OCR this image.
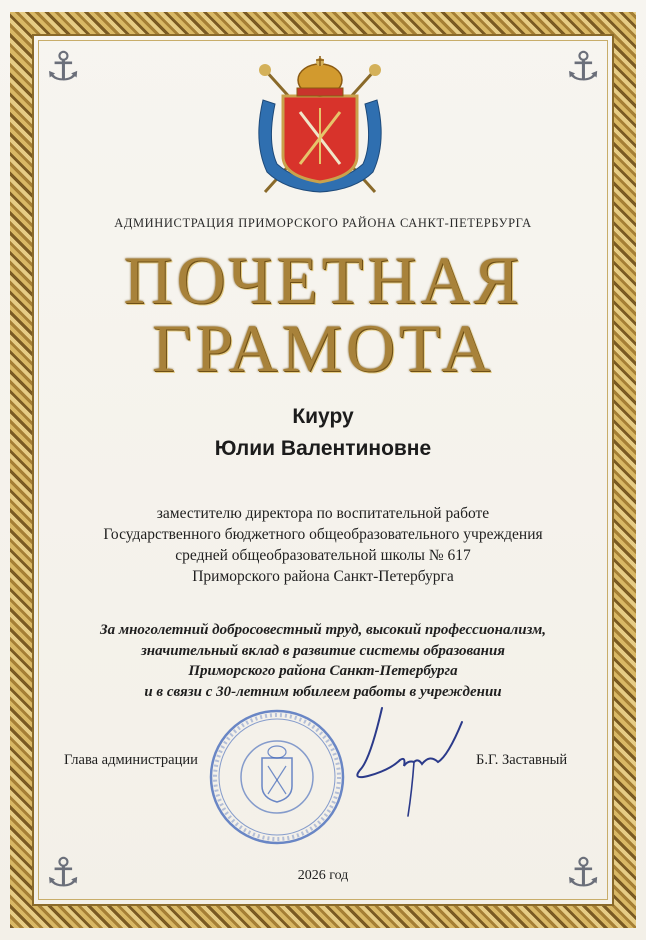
⚓	⚓
⚓	⚓
АДМИНИСТРАЦИЯ ПРИМОРСКОГО РАЙОНА САНКТ-ПЕТЕРБУРГА
ПОЧЕТНАЯ
ГРАМОТА
Киуру
Юлии Валентиновне
заместителю директора по воспитательной работе
Государственного бюджетного общеобразовательного учреждения
средней общеобразовательной школы № 617
Приморского района Санкт-Петербурга
За многолетний добросовестный труд, высокий профессионализм,
значительный вклад в развитие системы образования
Приморского района Санкт-Петербурга
и в связи с 30-летним юбилеем работы в учреждении
Глава администрации	Б.Г. Заставный
2026 год
